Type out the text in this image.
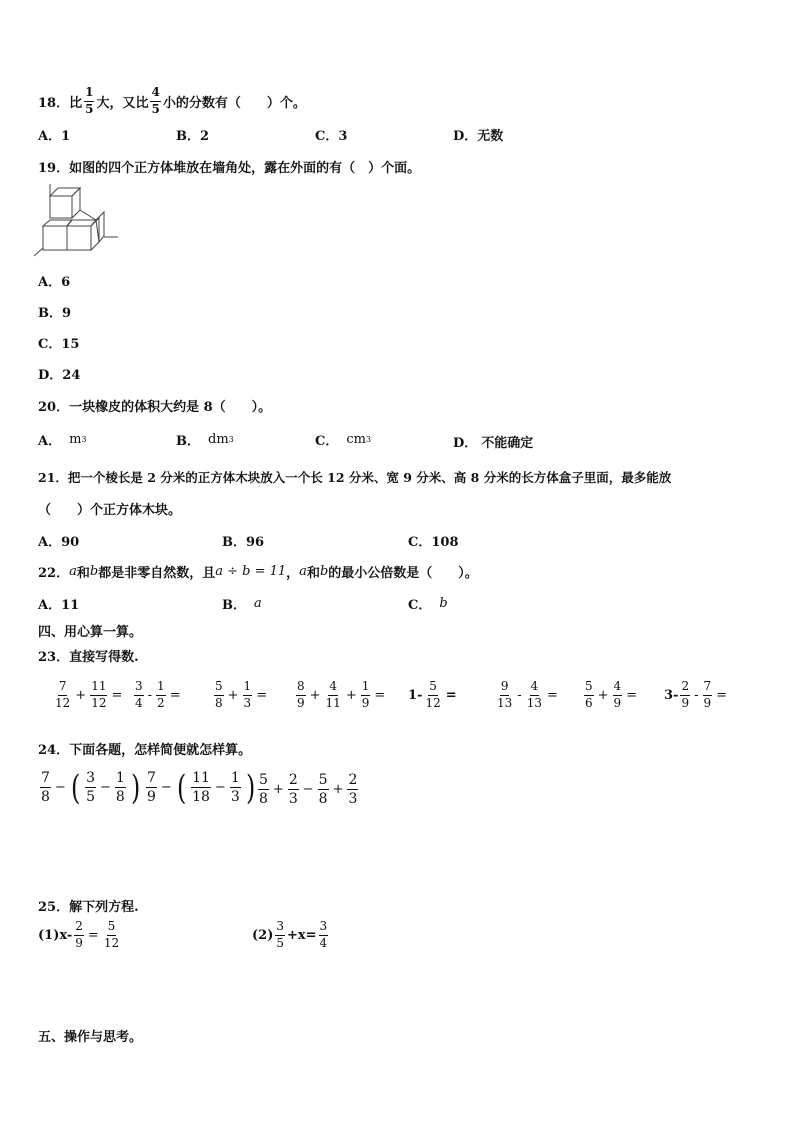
18． 比 $\frac{1}{5}$ 大，又比 $\frac{4}{5}$ 小的分数有（　　）个。
A．1	B．2	C．3	D．无数
19．如图的四个正方体堆放在墙角处，露在外面的有（　）个面。
A．6
B．9
C．15
D．24
20．一块橡皮的体积大约是 8（　　）。
A． m 3	B． dm 3	C． cm 3	D． 不能确定
21．把一个棱长是 2 分米的正方体木块放入一个长 12 分米、宽 9 分米、高 8 分米的长方体盒子里面，最多能放
（　　）个正方体木块。
A．90	B．96	C．108
22． a 和 b 都是非零自然数，且 a ÷ b = 11 ， a 和 b 的最小公倍数是（　　）。
A．11	B． a	C． b
四、用心算一算。
23．直接写得数.
$\frac{7}{12} + \frac{11}{12} = \frac{3}{4} - \frac{1}{2}$ =	$\frac{5}{8} + \frac{1}{3} = \frac{8}{9} + \frac{4}{11} + \frac{1}{9} = 1- \frac{5}{12}$ =	$\frac{9}{13} - \frac{4}{13} = \frac{5}{6} + \frac{4}{9} = 3- \frac{2}{9} - \frac{7}{9}$ =
24．下面各题，怎样简便就怎样算。
$\frac{7}{8}$ − ( $\frac{3}{5} - \frac{1}{8}$ ) $\frac{7}{9}$ − ( $\frac{11}{18} - \frac{1}{3}$ ) $\frac{5}{8} + \frac{2}{3} - \frac{5}{8} + \frac{2}{3}$
25．解下列方程.
$(1)x- \frac{2}{9} = \frac{5}{12}$	$(2) \frac{3}{5} +x= \frac{3}{4}$
五、操作与思考。
